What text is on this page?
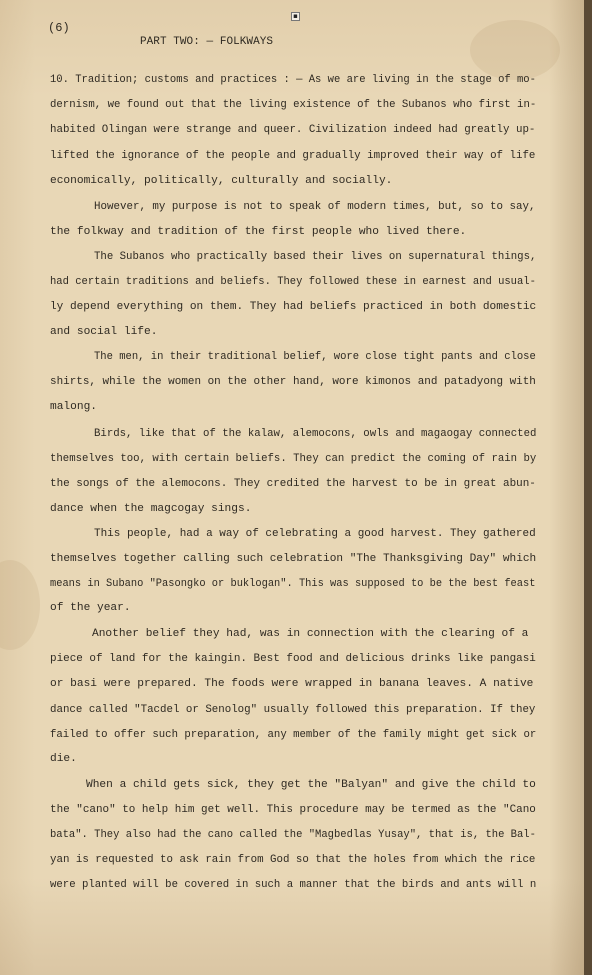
(6)
▪
PART TWO: — FOLKWAYS
10. Tradition; customs and practices : — As we are living in the stage of mo-
dernism, we found out that the living existence of the Subanos who first in-
habited Olingan were strange and queer. Civilization indeed had greatly up-
lifted the ignorance of the people and gradually improved their way of life
economically, politically, culturally and socially.
However, my purpose is not to speak of modern times, but, so to say,
the folkway and tradition of the first people who lived there.
The Subanos who practically based their lives on supernatural things,
had certain traditions and beliefs. They followed these in earnest and usual-
ly depend everything on them. They had beliefs practiced in both domestic
and social life.
The men, in their traditional belief, wore close tight pants and close
shirts, while the women on the other hand, wore kimonos and patadyong with
malong.
Birds, like that of the kalaw, alemocons, owls and magaogay connected
themselves too, with certain beliefs. They can predict the coming of rain by
the songs of the alemocons. They credited the harvest to be in great abun-
dance when the magcogay sings.
This people, had a way of celebrating a good harvest. They gathered
themselves together calling such celebration "The Thanksgiving Day" which
means in Subano "Pasongko or buklogan". This was supposed to be the best feast
of the year.
Another belief they had, was in connection with the clearing of a
piece of land for the kaingin. Best food and delicious drinks like pangasi
or basi were prepared. The foods were wrapped in banana leaves. A native
dance called "Tacdel or Senolog" usually followed this preparation. If they
failed to offer such preparation, any member of the family might get sick or
die.
When a child gets sick, they get the "Balyan" and give the child to
the "cano" to help him get well. This procedure may be termed as the "Cano
bata". They also had the cano called the "Magbedlas Yusay", that is, the Bal-
yan is requested to ask rain from God so that the holes from which the rice
were planted will be covered in such a manner that the birds and ants will n
